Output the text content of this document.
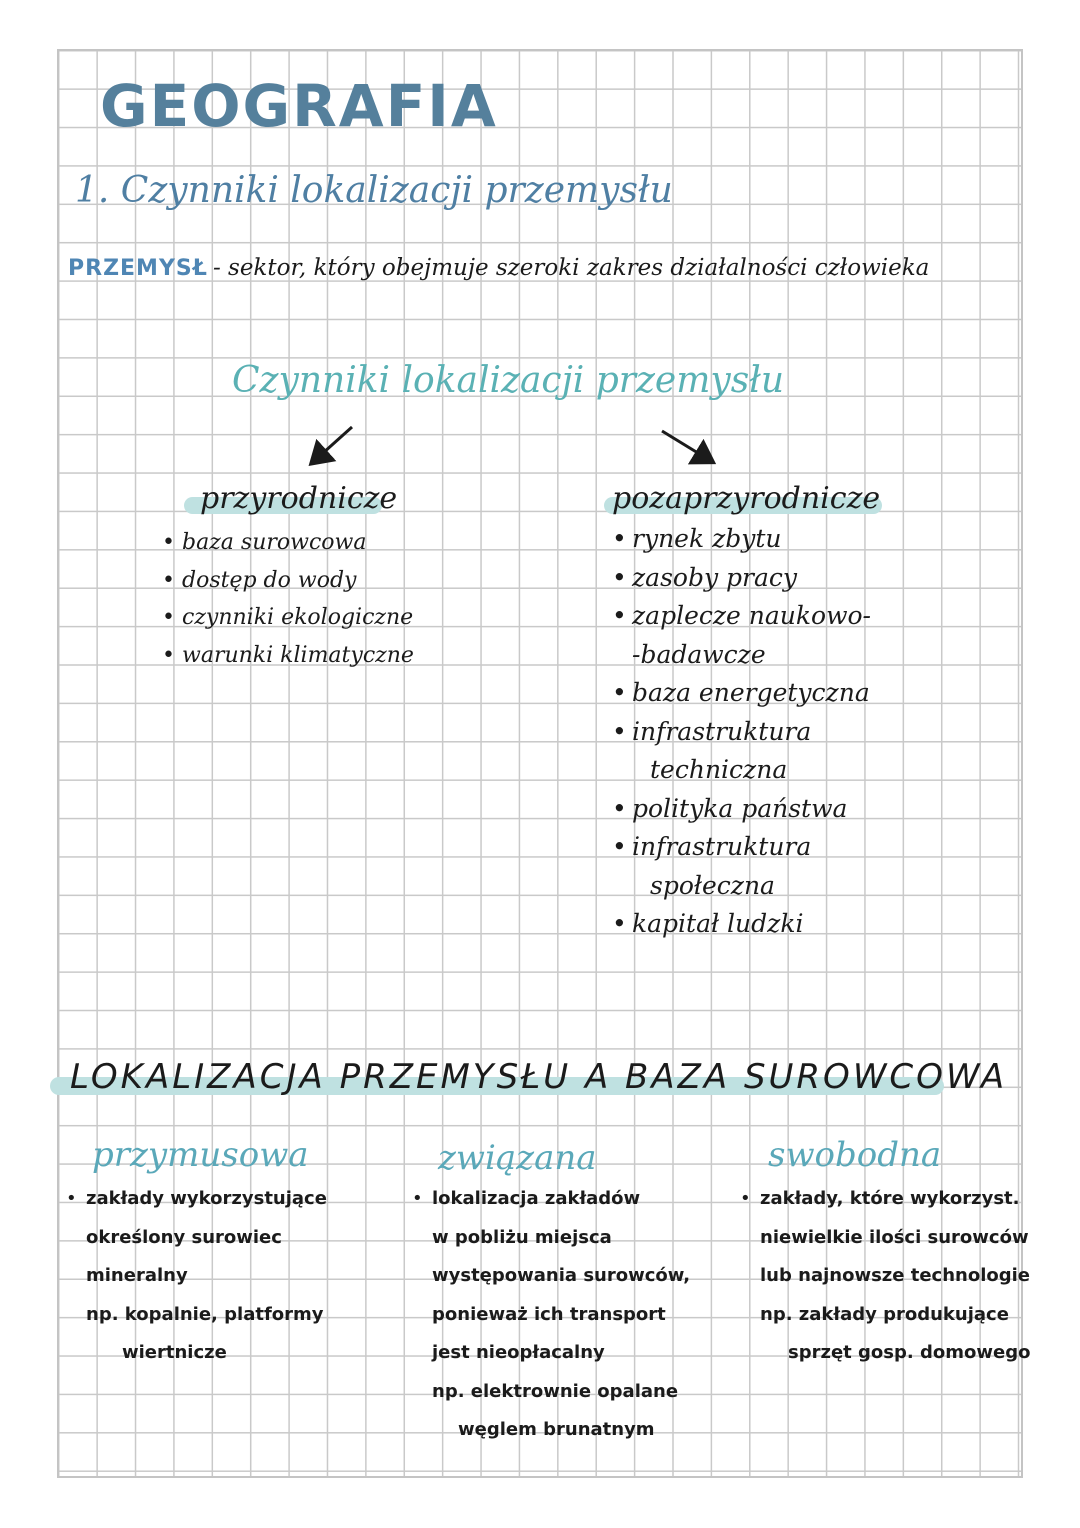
GEOGRAFIA
1. Czynniki lokalizacji przemysłu
PRZEMYSŁ - sektor, który obejmuje szeroki zakres działalności człowieka
Czynniki lokalizacji przemysłu
przyrodnicze
• baza surowcowa
• dostęp do wody
• czynniki ekologiczne
• warunki klimatyczne
pozaprzyrodnicze
• rynek zbytu
• zasoby pracy
• zaplecze naukowo-
-badawcze
• baza energetyczna
• infrastruktura
techniczna
• polityka państwa
• infrastruktura
społeczna
• kapitał ludzki
LOKALIZACJA PRZEMYSŁU A BAZA SUROWCOWA
przymusowa
• zakłady wykorzystujące
określony surowiec
mineralny
np. kopalnie, platformy
wiertnicze
związana
• lokalizacja zakładów
w pobliżu miejsca
występowania surowców,
ponieważ ich transport
jest nieopłacalny
np. elektrownie opalane
węglem brunatnym
swobodna
• zakłady, które wykorzyst.
niewielkie ilości surowców
lub najnowsze technologie
np. zakłady produkujące
sprzęt gosp. domowego
